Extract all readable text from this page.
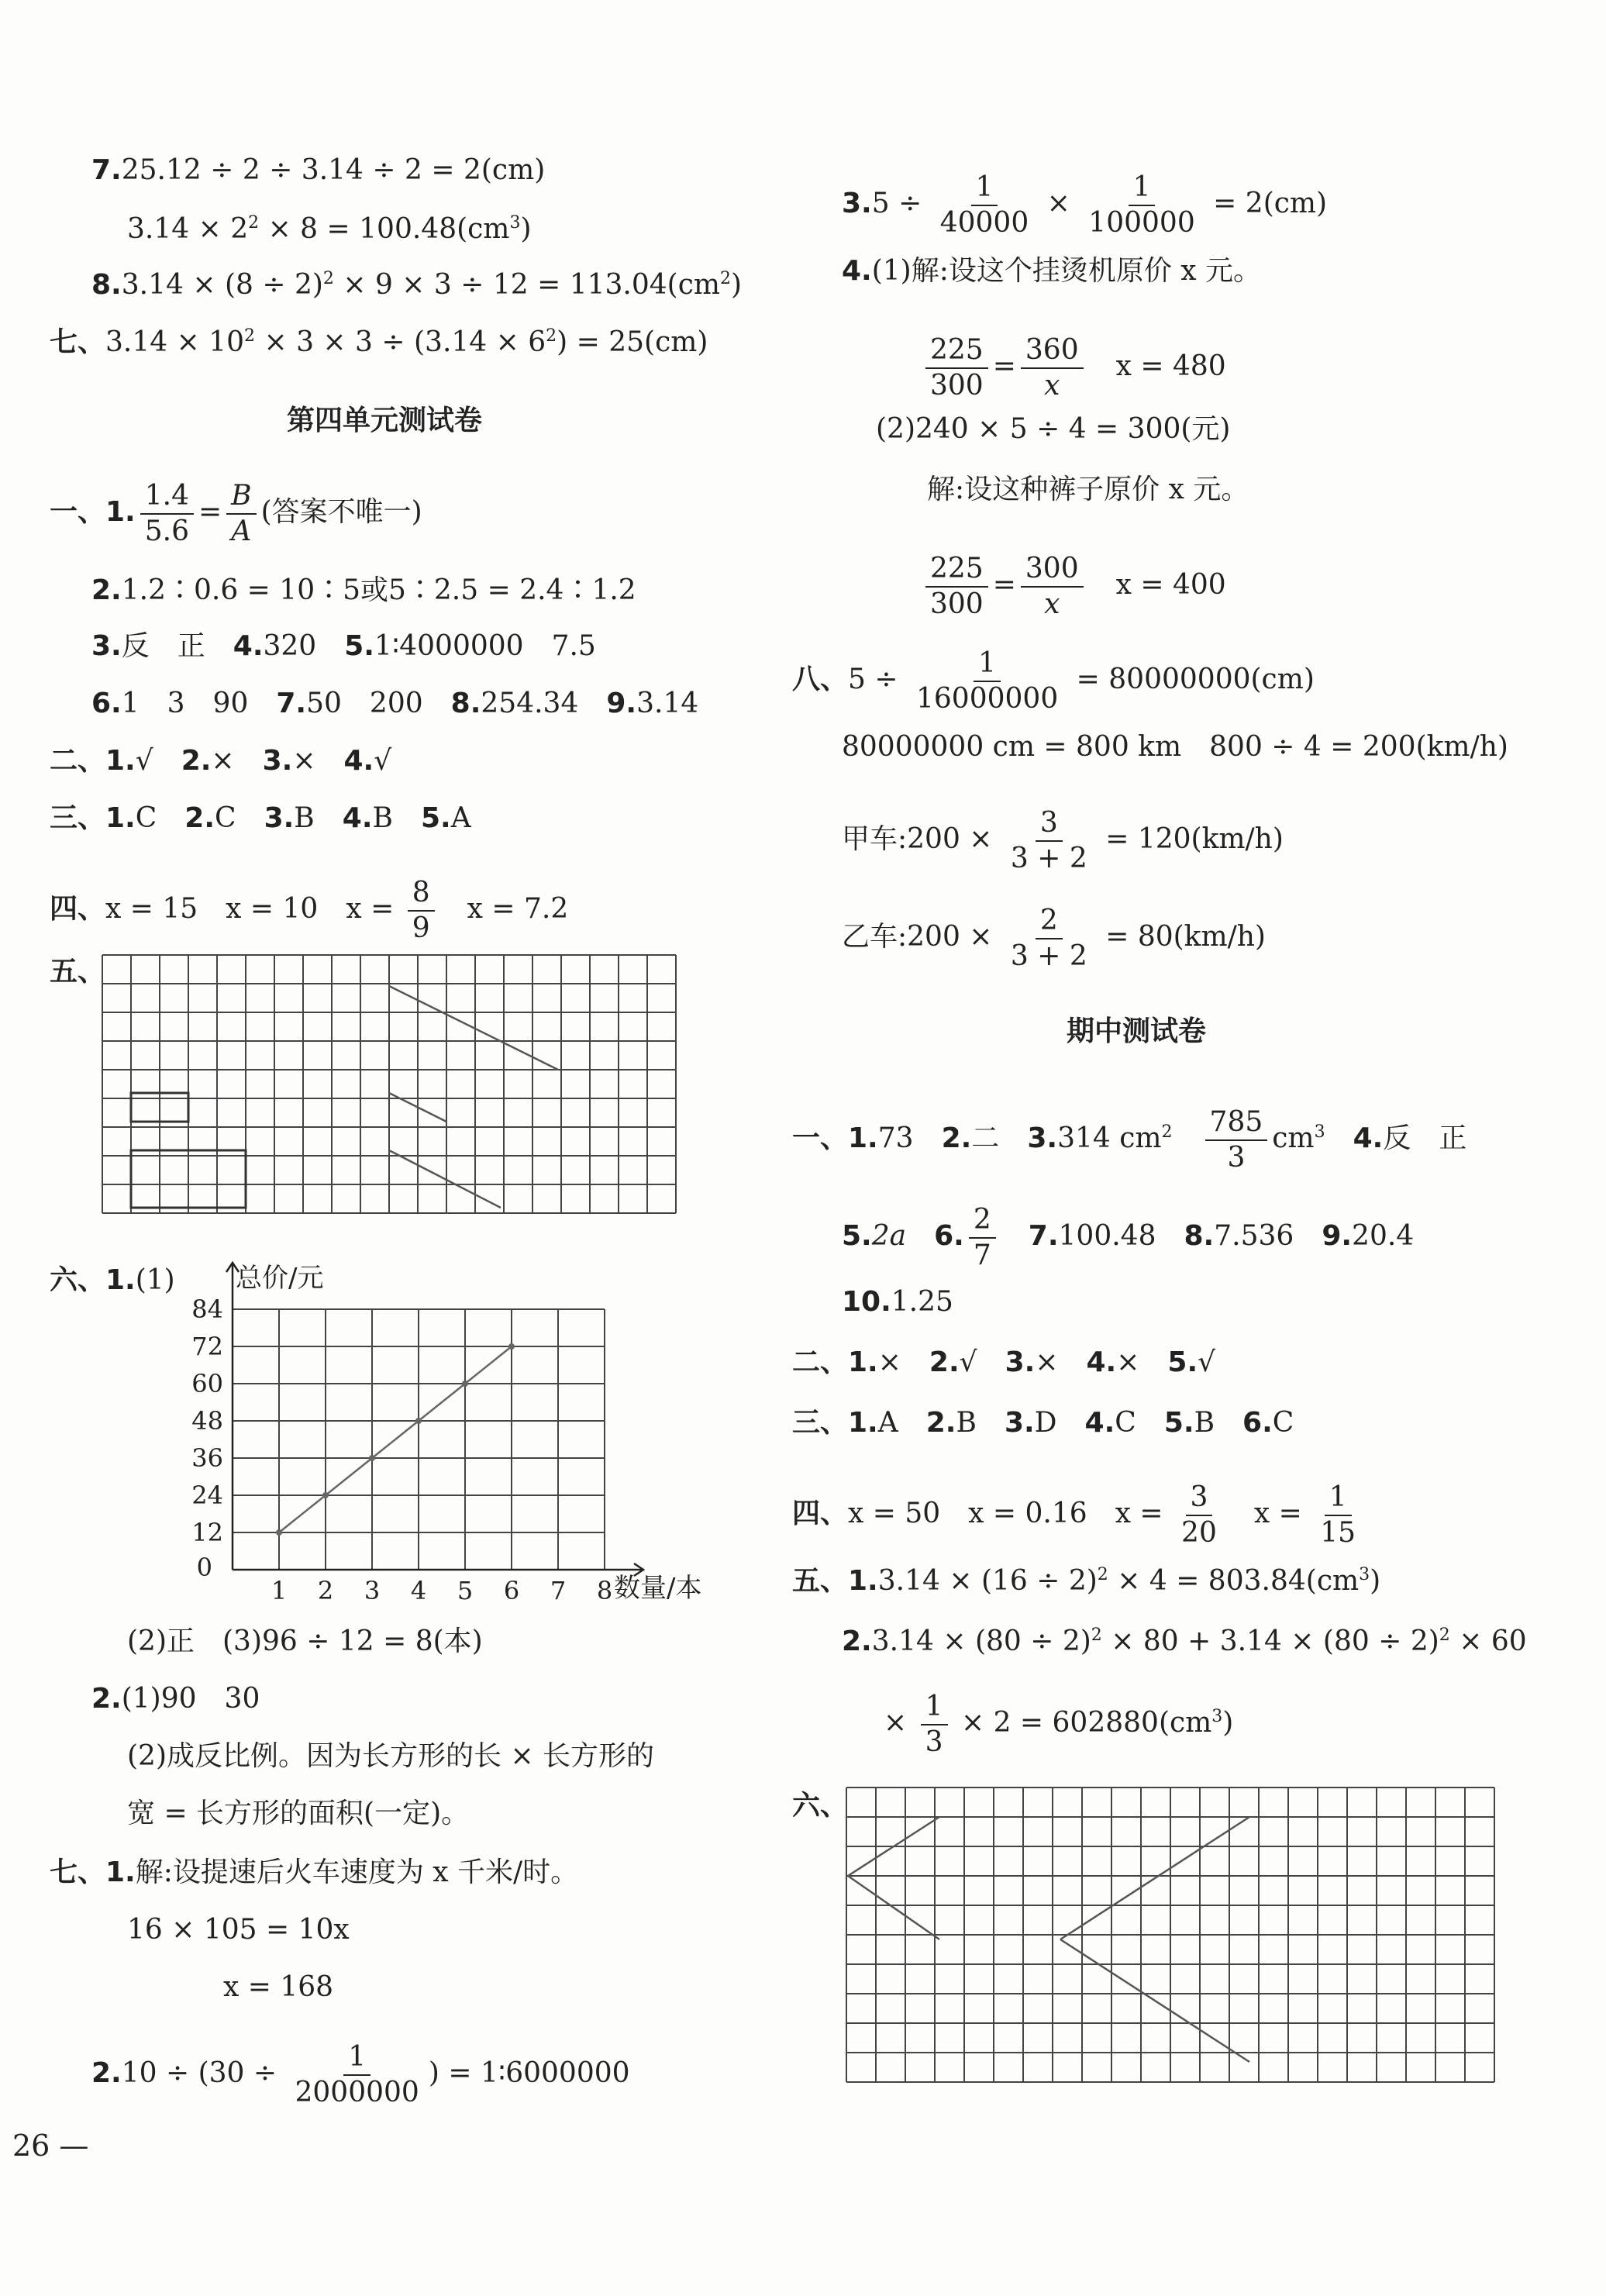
7.25.12 ÷ 2 ÷ 3.14 ÷ 2 = 2(cm)
$3.14 \times 2^2 \times 8 = 100.48(cm^3)$
$8.3.14 \times (8 \div 2)^2 \times 9 \times 3 \div 12 = 113.04(cm^2)$
七、$3.14 \times 10^2 \times 3 \times 3 \div (3.14 \times 6^2) = 25(cm)$
第四单元测试卷
一、1. $\frac{1.4}{5.6} = \frac{B}{A}$ (答案不唯一)
2.1.2∶0.6 = 10∶5或5∶2.5 = 2.4∶1.2
3.反　正　 4.320　 5.1∶4000000　7.5
6.1　3　90　 7.50　200　 8.254.34　 9.3.14
二、1.√　2.×　3.×　4.√
三、1.C　2.C　3.B　4.B　5.A
四、x = 15　x = 10　$x = \frac{8}{9}$
　 x = 7.2
五、
六、1.(1)
1 2 3 4 5 6 7 8
12
24
36
48
60
72
84
0
总价/元
数量/本
(2)正　(3)96 ÷ 12 = 8(本)
2.(1)90　30
(2)成反比例。因为长方形的长 × 长方形的
宽 = 长方形的面积(一定)。
七、1.解:设提速后火车速度为 x 千米/时。
16 × 105 = 10x
x = 168
$2.10 \div (30 \div \frac{1}{2000000}$ ) = 1∶6000000
26 —
$3.5 \div \frac{1}{40000} \times \frac{1}{100000} = 2(cm)$
4.(1)解:设这个挂烫机原价 x 元。
$\frac{225}{300} = \frac{360}{x}$
　 x = 480
(2)240 × 5 ÷ 4 = 300(元)
解:设这种裤子原价 x 元。
$\frac{225}{300} = \frac{300}{x}$
　 x = 400
八、$5 \div \frac{1}{16000000} = 80000000(cm)$
80000000 cm = 800 km　800 ÷ 4 = 200(km/h)
甲车:200 × $\frac{3}{3 + 2} = 120(km/h)$
乙车:200 × $\frac{2}{3 + 2} = 80(km/h)$
期中测试卷
一、1.73　 2.二　 3.314 $cm^2$　 $\frac{785}{3} cm^3$　 4.反　正
5.2a　 6. $\frac{2}{7}$
　 7.100.48　 8.7.536　 9.20.4
10.1.25
二、1.×　2.√　3.×　4.×　5.√
三、1.A　2.B　3.D　4.C　5.B　6.C
四、x = 50　x = 0.16　$x = \frac{3}{20}$
　 $x = \frac{1}{15}$
五、$1.3.14 \times (16 \div 2)^2 \times 4 = 803.84(cm^3)$
$2.3.14 \times (80 \div 2)^2 \times 80 + 3.14 \times (80 \div 2)^2 \times 60$
× $\frac{1}{3} \times 2 = 602880(cm^3)$
六、
